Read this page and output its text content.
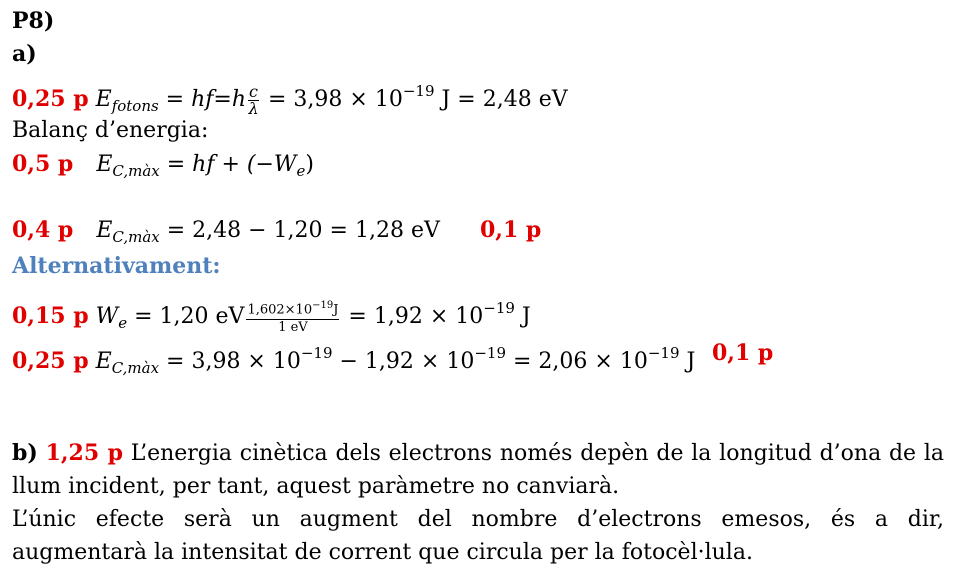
P8)
a)
0,25 p $E_{fotons} = hf=h \frac{c}{\lambda} = 3,98 \times 10^{-19}$ J = 2,48 eV
Balanç d’energia:
0,5 p $E_{C,màx}$ = hf + $(-W_e)$
0,4 p $E_{C,màx} = 2,48 - 1,20 = 1,28$ eV 0,1 p
Alternativament:
0,15 p $W_e = 1,20$ eV $\frac{1,602\times 10^{-19}J}{1 eV} = 1,92 \times 10^{-19}$ J
0,25 p $E_{C,màx} = 3,98 \times 10^{-19} - 1,92 \times 10^{-19} = 2,06 \times 10^{-19}$ J 0,1 p
b) 1,25 p L’energia cinètica dels electrons només depèn de la longitud d’ona de la llum incident, per tant, aquest paràmetre no canviarà.
L’únic efecte serà un augment del nombre d’electrons emesos, és a dir, augmentarà la intensitat de corrent que circula per la fotocèl·lula.
